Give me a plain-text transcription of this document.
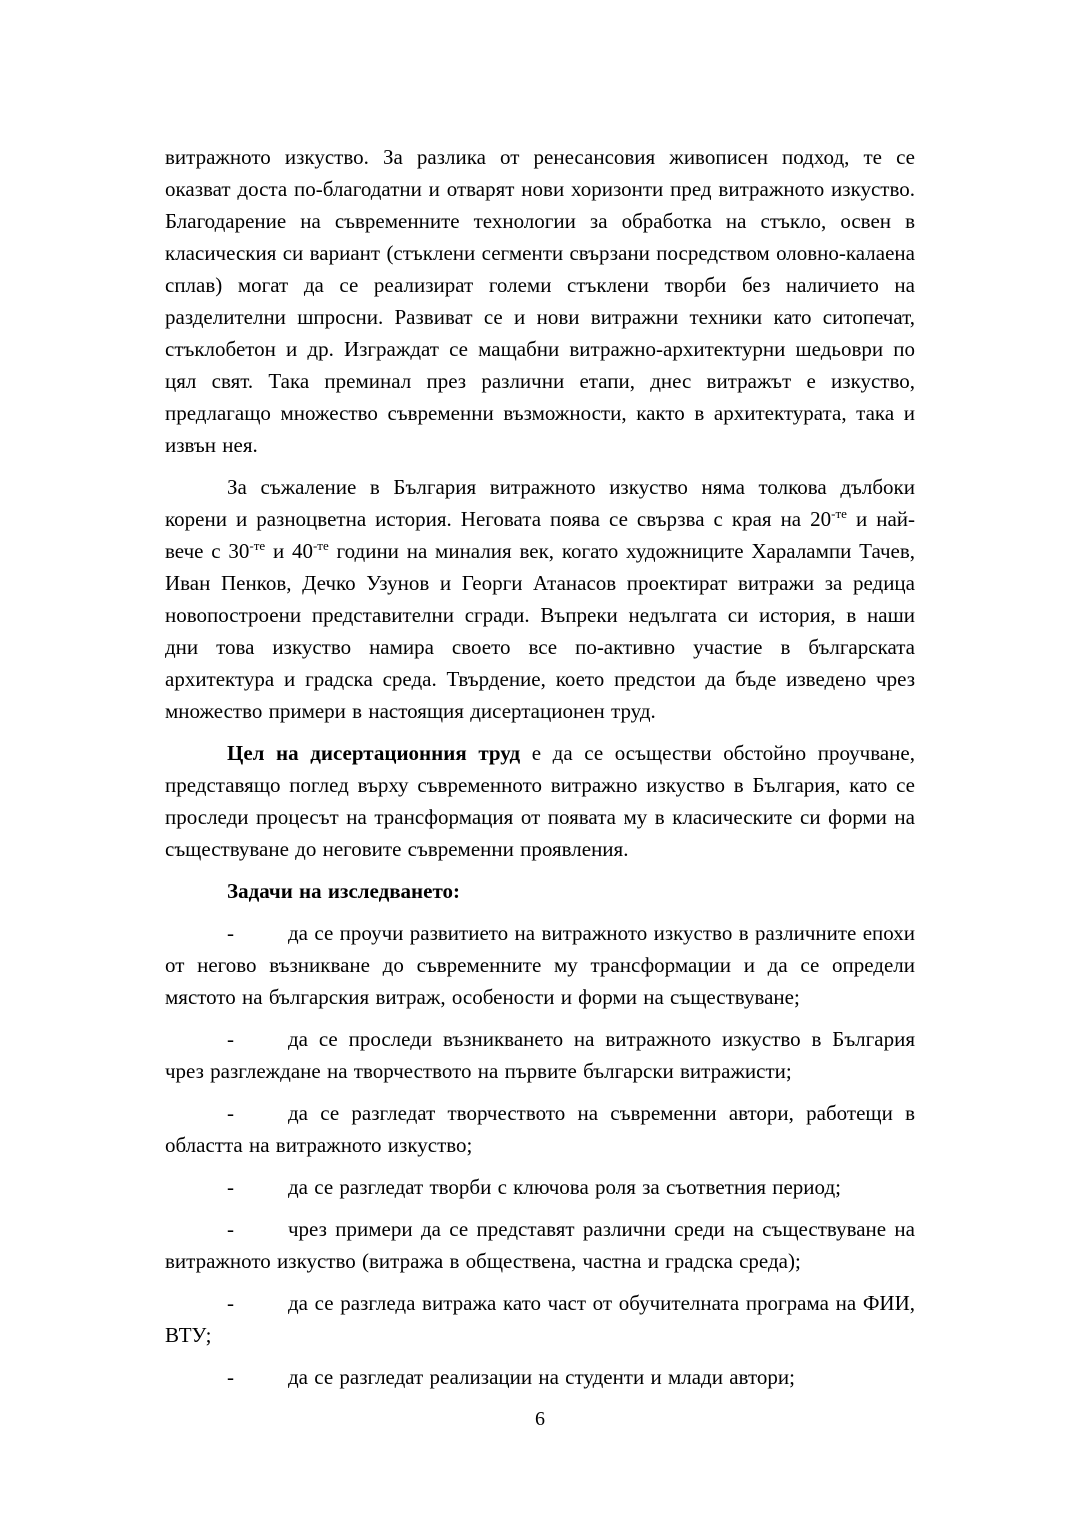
витражното изкуство. За разлика от ренесансовия живописен подход, те се оказват доста по-благодатни и отварят нови хоризонти пред витражното изкуство. Благодарение на съвременните технологии за обработка на стъкло, освен в класическия си вариант (стъклени сегменти свързани посредством оловно-калаена сплав) могат да се реализират големи стъклени творби без наличието на разделителни шпросни. Развиват се и нови витражни техники като ситопечат, стъклобетон и др. Изграждат се мащабни витражно-архитектурни шедьоври по цял свят. Така преминал през различни етапи, днес витражът е изкуство, предлагащо множество съвременни възможности, както в архитектурата, така и извън нея.

За съжаление в България витражното изкуство няма толкова дълбоки корени и разноцветна история. Неговата поява се свързва с края на $20^{-те}$ и най-вече с $30^{-те}$ и $40^{-те}$ години на миналия век, когато художниците Харалампи Тачев, Иван Пенков, Дечко Узунов и Георги Атанасов проектират витражи за редица новопостроени представителни сгради. Въпреки недългата си история, в наши дни това изкуство намира своето все по-активно участие в българската архитектура и градска среда. Твърдение, което предстои да бъде изведено чрез множество примери в настоящия дисертационен труд.

Цел на дисертационния труд е да се осъществи обстойно проучване, представящо поглед върху съвременното витражно изкуство в България, като се проследи процесът на трансформация от появата му в класическите си форми на съществуване до неговите съвременни проявления.

Задачи на изследването:

-	да се проучи развитието на витражното изкуство в различните епохи от негово възникване до съвременните му трансформации и да се определи мястото на българския витраж, особености и форми на съществуване;

-	да се проследи възникването на витражното изкуство в България чрез разглеждане на творчеството на първите български витражисти;

-	да се разгледат творчеството на съвременни автори, работещи в областта на витражното изкуство;

-	да се разгледат творби с ключова роля за съответния период;

-	чрез примери да се представят различни среди на съществуване на витражното изкуство (витража в обществена, частна и градска среда);

-	да се разгледа витража като част от обучителната програма на ФИИ, ВТУ;

-	да се разгледат реализации на студенти и млади автори;

6
